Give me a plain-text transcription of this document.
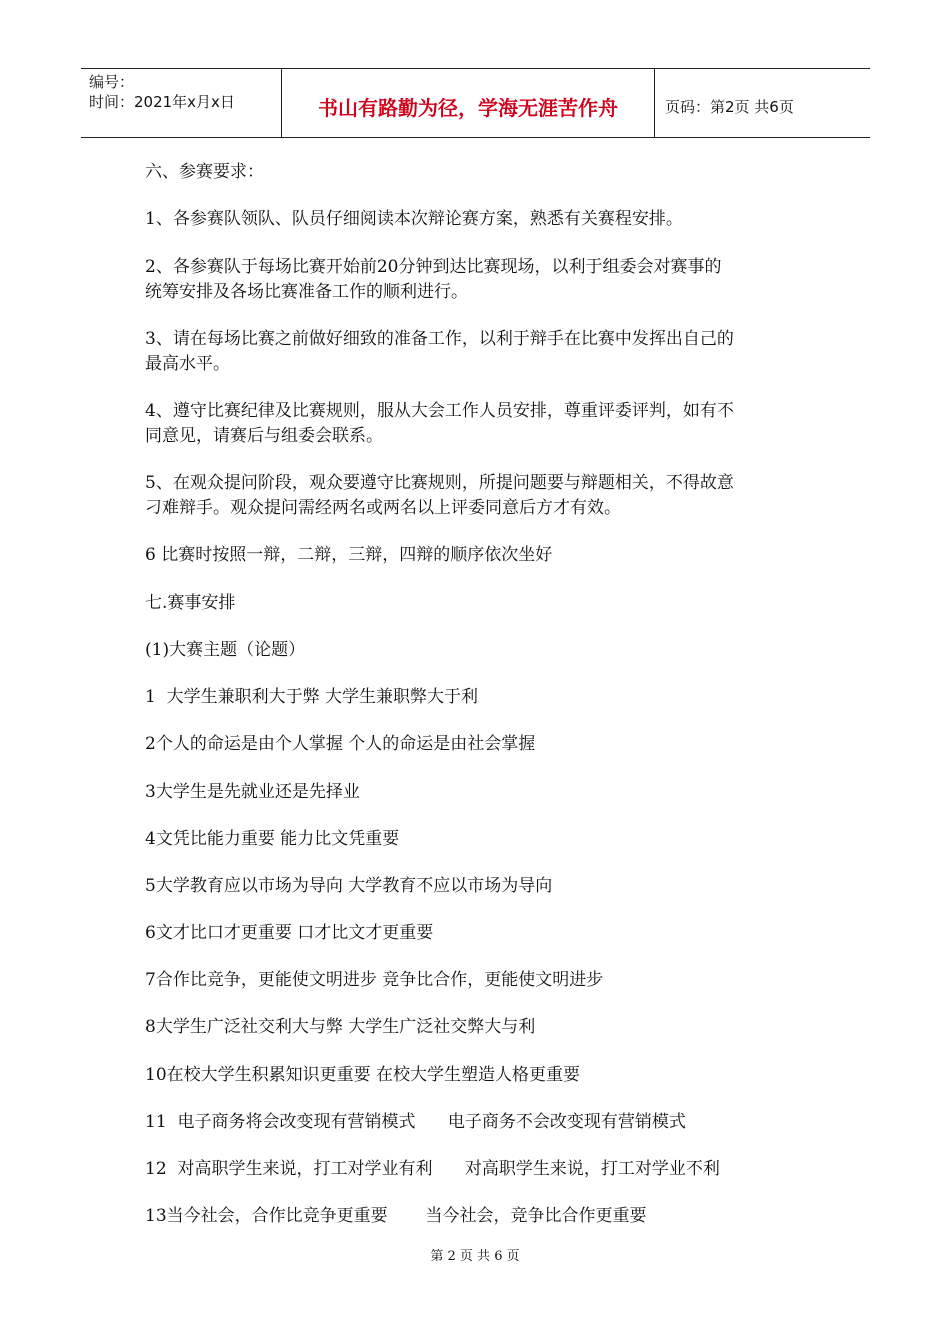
编号：
时间：2021年x月x日	书山有路勤为径，学海无涯苦作舟	页码：第2页 共6页
六、参赛要求：
1、各参赛队领队、队员仔细阅读本次辩论赛方案，熟悉有关赛程安排。
2、各参赛队于每场比赛开始前20分钟到达比赛现场，以利于组委会对赛事的
统筹安排及各场比赛准备工作的顺利进行。
3、请在每场比赛之前做好细致的准备工作，以利于辩手在比赛中发挥出自己的
最高水平。
4、遵守比赛纪律及比赛规则，服从大会工作人员安排，尊重评委评判，如有不
同意见，请赛后与组委会联系。
5、在观众提问阶段，观众要遵守比赛规则，所提问题要与辩题相关，不得故意
刁难辩手。观众提问需经两名或两名以上评委同意后方才有效。
6 比赛时按照一辩，二辩，三辩，四辩的顺序依次坐好
七.赛事安排
(1)大赛主题（论题）
1  大学生兼职利大于弊 大学生兼职弊大于利
2个人的命运是由个人掌握 个人的命运是由社会掌握
3大学生是先就业还是先择业
4文凭比能力重要 能力比文凭重要
5大学教育应以市场为导向 大学教育不应以市场为导向
6文才比口才更重要 口才比文才更重要
7合作比竞争，更能使文明进步 竞争比合作，更能使文明进步
8大学生广泛社交利大与弊 大学生广泛社交弊大与利
10在校大学生积累知识更重要 在校大学生塑造人格更重要
11  电子商务将会改变现有营销模式      电子商务不会改变现有营销模式
12  对高职学生来说，打工对学业有利      对高职学生来说，打工对学业不利
13当今社会，合作比竞争更重要       当今社会，竞争比合作更重要
第 2 页 共 6 页
